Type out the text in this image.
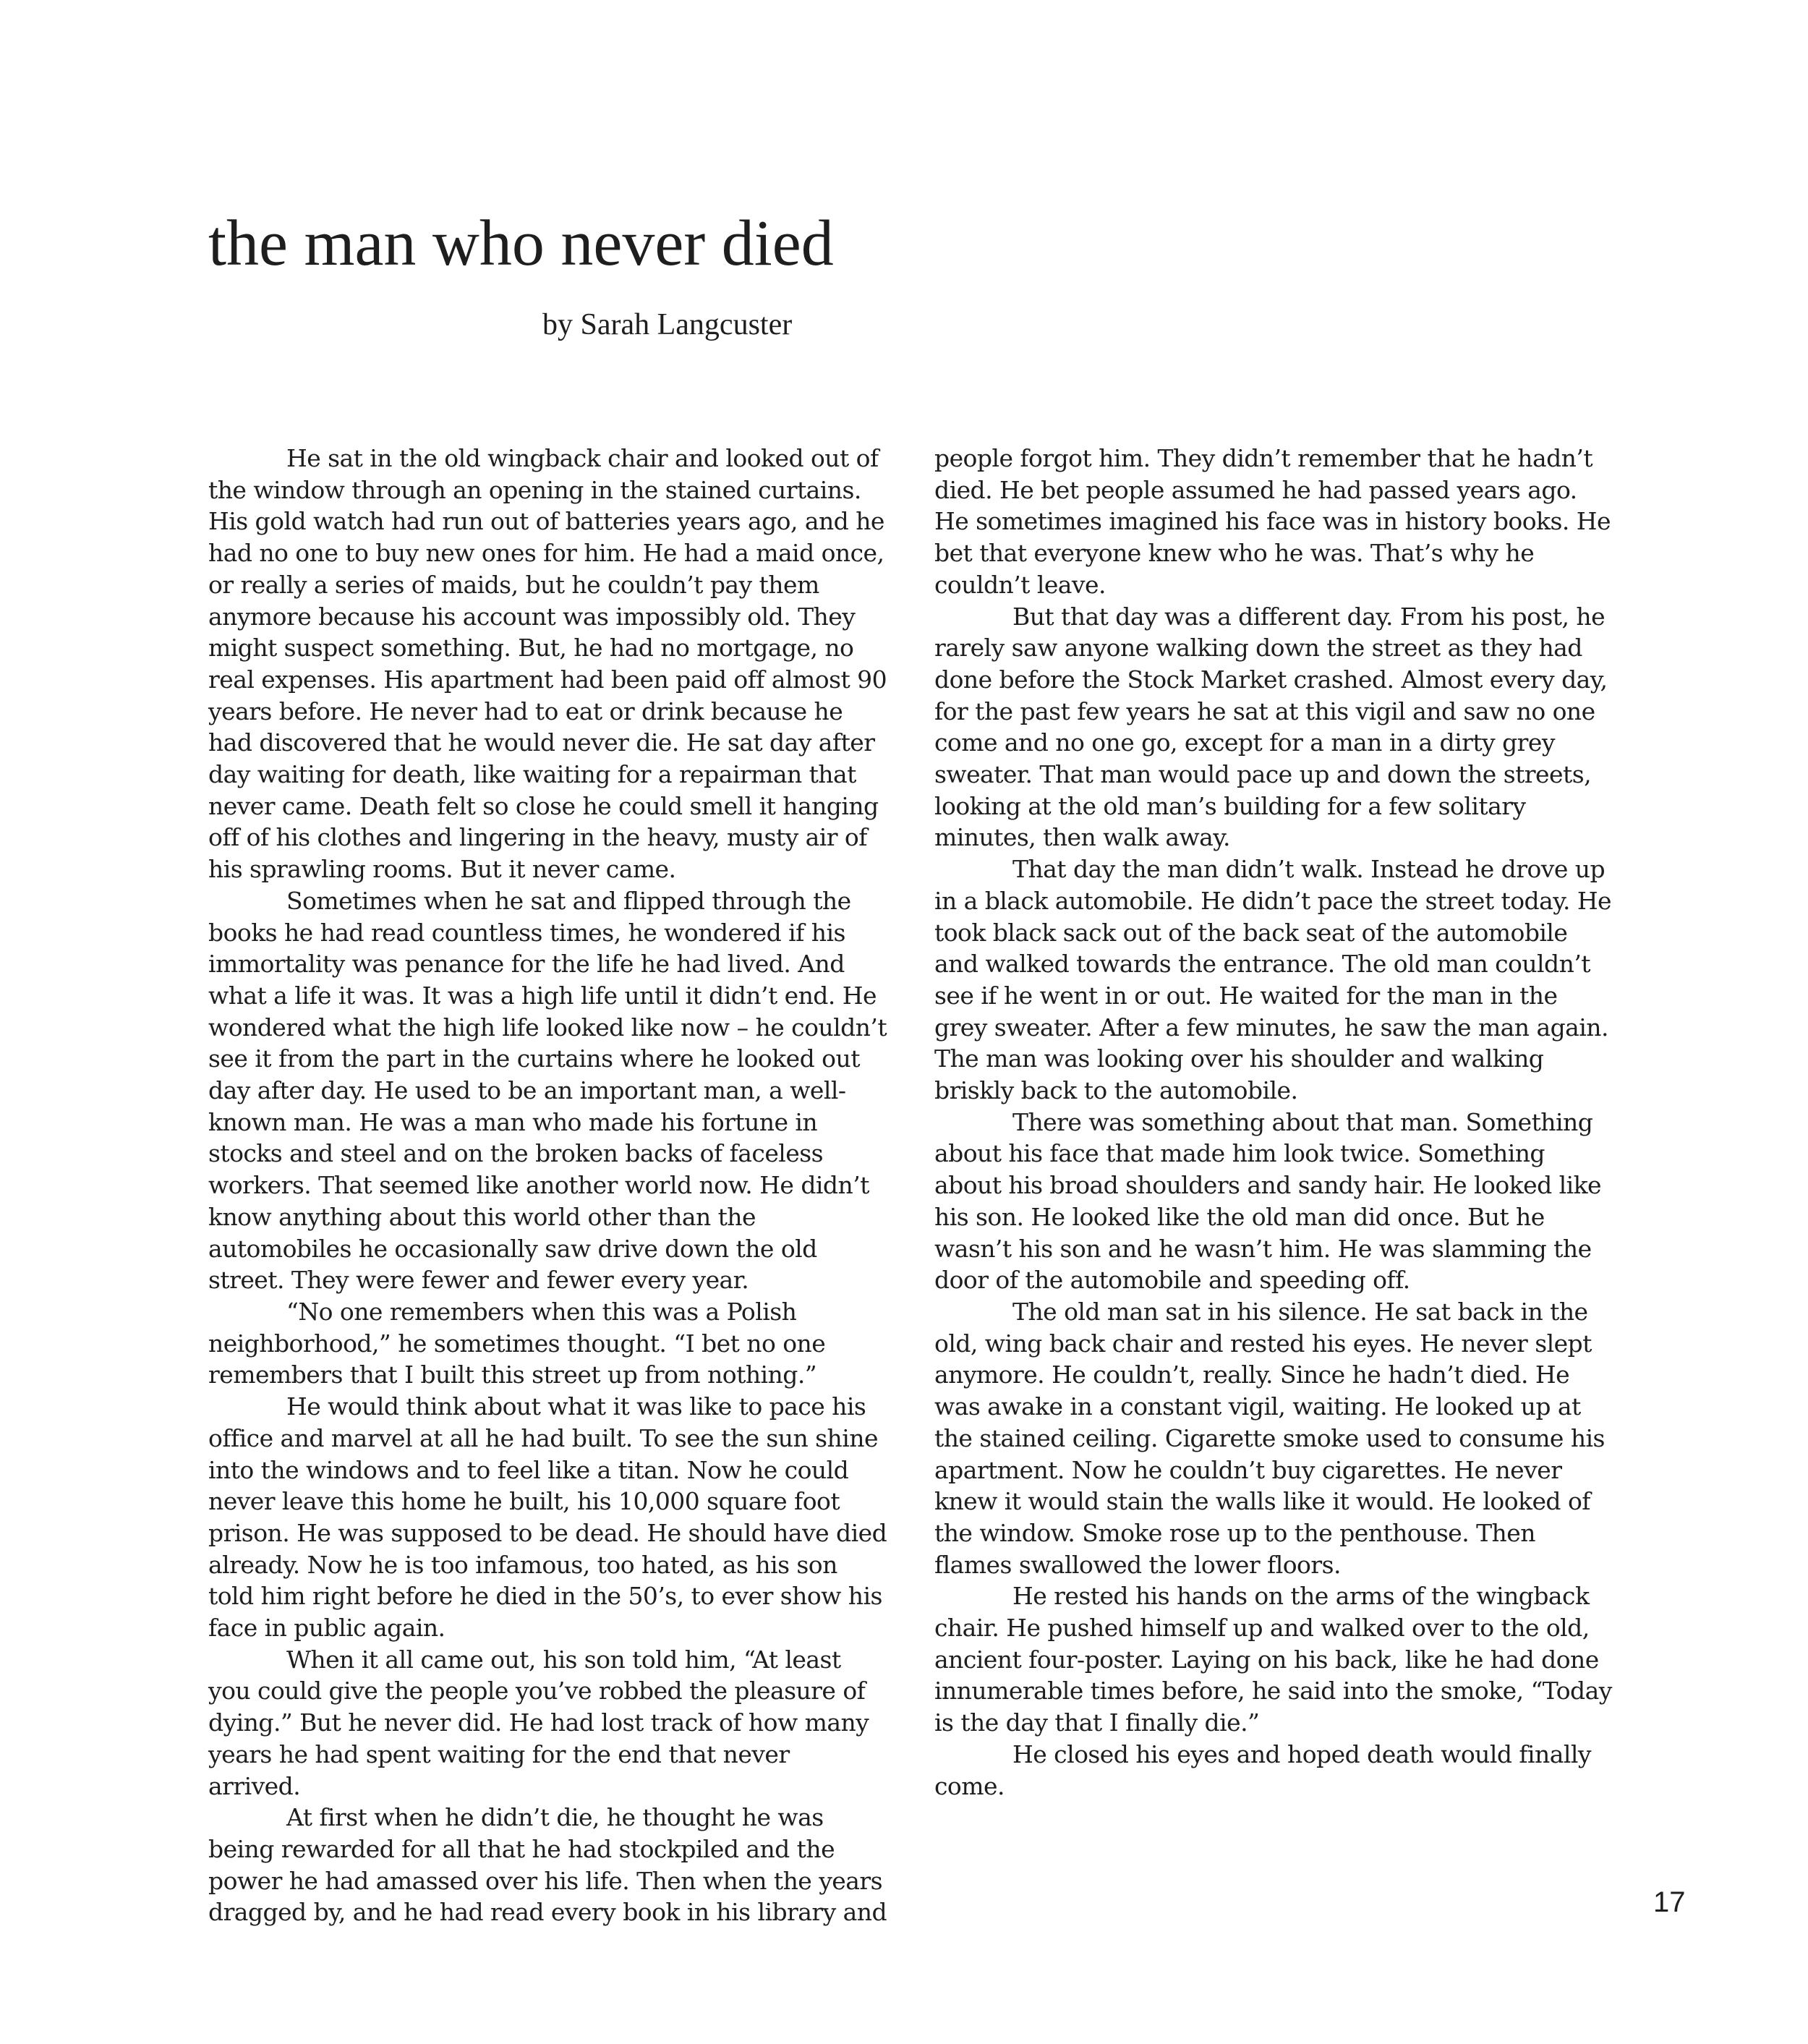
the man who never died
by Sarah Langcuster

He sat in the old wingback chair and looked out of the window through an opening in the stained curtains. His gold watch had run out of batteries years ago, and he had no one to buy new ones for him. He had a maid once, or really a series of maids, but he couldn’t pay them anymore because his account was impossibly old. They might suspect something. But, he had no mortgage, no real expenses. His apartment had been paid off almost 90 years before. He never had to eat or drink because he had discovered that he would never die. He sat day after day waiting for death, like waiting for a repairman that never came. Death felt so close he could smell it hanging off of his clothes and lingering in the heavy, musty air of his sprawling rooms. But it never came.

Sometimes when he sat and flipped through the books he had read countless times, he wondered if his immortality was penance for the life he had lived. And what a life it was. It was a high life until it didn’t end. He wondered what the high life looked like now – he couldn’t see it from the part in the curtains where he looked out day after day. He used to be an important man, a well-known man. He was a man who made his fortune in stocks and steel and on the broken backs of faceless workers. That seemed like another world now. He didn’t know anything about this world other than the automobiles he occasionally saw drive down the old street. They were fewer and fewer every year.

“No one remembers when this was a Polish neighborhood,” he sometimes thought. “I bet no one remembers that I built this street up from nothing.”

He would think about what it was like to pace his office and marvel at all he had built. To see the sun shine into the windows and to feel like a titan. Now he could never leave this home he built, his 10,000 square foot prison. He was supposed to be dead. He should have died already. Now he is too infamous, too hated, as his son told him right before he died in the 50’s, to ever show his face in public again.

When it all came out, his son told him, “At least you could give the people you’ve robbed the pleasure of dying.” But he never did. He had lost track of how many years he had spent waiting for the end that never arrived.

At first when he didn’t die, he thought he was being rewarded for all that he had stockpiled and the power he had amassed over his life. Then when the years dragged by, and he had read every book in his library and

people forgot him. They didn’t remember that he hadn’t died. He bet people assumed he had passed years ago. He sometimes imagined his face was in history books. He bet that everyone knew who he was. That’s why he couldn’t leave.

But that day was a different day. From his post, he rarely saw anyone walking down the street as they had done before the Stock Market crashed. Almost every day, for the past few years he sat at this vigil and saw no one come and no one go, except for a man in a dirty grey sweater. That man would pace up and down the streets, looking at the old man’s building for a few solitary minutes, then walk away.

That day the man didn’t walk. Instead he drove up in a black automobile. He didn’t pace the street today. He took black sack out of the back seat of the automobile and walked towards the entrance. The old man couldn’t see if he went in or out. He waited for the man in the grey sweater. After a few minutes, he saw the man again. The man was looking over his shoulder and walking briskly back to the automobile.

There was something about that man. Something about his face that made him look twice. Something about his broad shoulders and sandy hair. He looked like his son. He looked like the old man did once. But he wasn’t his son and he wasn’t him. He was slamming the door of the automobile and speeding off.

The old man sat in his silence. He sat back in the old, wing back chair and rested his eyes. He never slept anymore. He couldn’t, really. Since he hadn’t died. He was awake in a constant vigil, waiting. He looked up at the stained ceiling. Cigarette smoke used to consume his apartment. Now he couldn’t buy cigarettes. He never knew it would stain the walls like it would. He looked of the window. Smoke rose up to the penthouse. Then flames swallowed the lower floors.

He rested his hands on the arms of the wingback chair. He pushed himself up and walked over to the old, ancient four-poster. Laying on his back, like he had done innumerable times before, he said into the smoke, “Today is the day that I finally die.”

He closed his eyes and hoped death would finally come.

17
